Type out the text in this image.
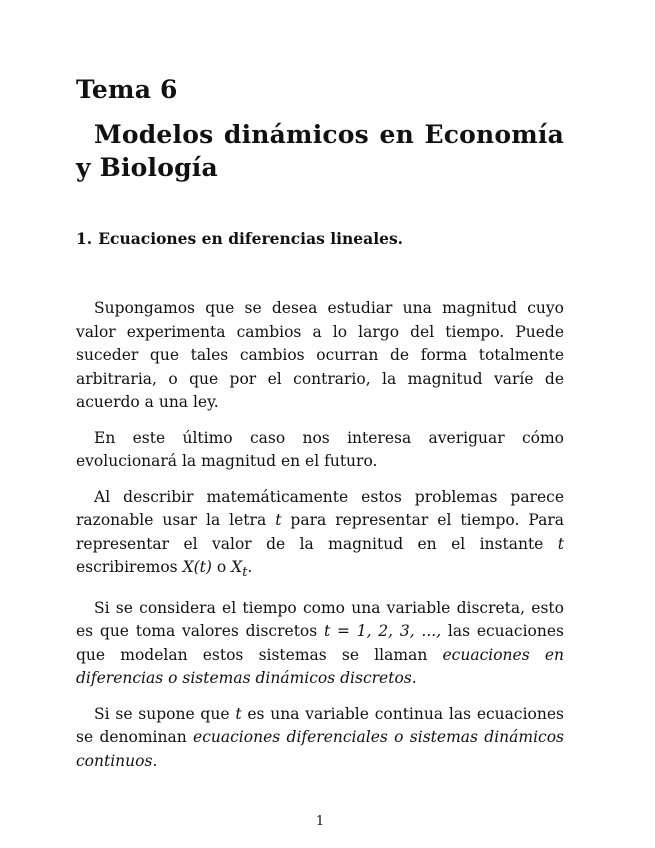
Tema 6
Modelos dinámicos en Economía y Biología
1. Ecuaciones en diferencias lineales.

Supongamos que se desea estudiar una magnitud cuyo valor experimenta cambios a lo largo del tiempo. Puede suceder que tales cambios ocurran de forma totalmente arbitraria, o que por el contrario, la magnitud varíe de acuerdo a una ley.

En este último caso nos interesa averiguar cómo evolucionará la magnitud en el futuro.

Al describir matemáticamente estos problemas parece razonable usar la letra t para representar el tiempo. Para representar el valor de la magnitud en el instante t escribiremos X(t) o $X_t$.

Si se considera el tiempo como una variable discreta, esto es que toma valores discretos t = 1, 2, 3, ..., las ecuaciones que modelan estos sistemas se llaman ecuaciones en diferencias o sistemas dinámicos discretos.

Si se supone que t es una variable continua las ecuaciones se denominan ecuaciones diferenciales o sistemas dinámicos continuos.

1
